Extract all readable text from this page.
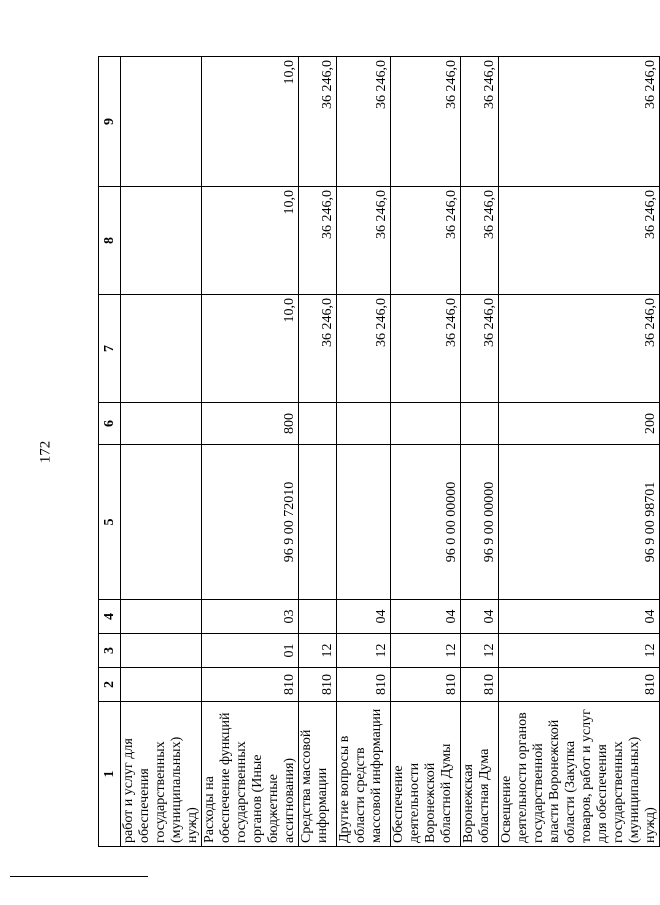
172
1	2	3	4	5	6	7	8	9
работ и услуг для обеспечения государственных (муниципальных) нужд)								
Расходы на обеспечение функций государственных органов (Иные бюджетные ассигнования)	810	01	03	96 9 00 72010	800	10,0	10,0	10,0
Средства массовой информации	810	12				36 246,0	36 246,0	36 246,0
Другие вопросы в области средств массовой информации	810	12	04			36 246,0	36 246,0	36 246,0
Обеспечение деятельности Воронежской областной Думы	810	12	04	96 0 00 00000		36 246,0	36 246,0	36 246,0
Воронежская областная Дума	810	12	04	96 9 00 00000		36 246,0	36 246,0	36 246,0
Освещение деятельности органов государственной власти Воронежской области (Закупка товаров, работ и услуг для обеспечения государственных (муниципальных) нужд)	810	12	04	96 9 00 98701	200	36 246,0	36 246,0	36 246,0
